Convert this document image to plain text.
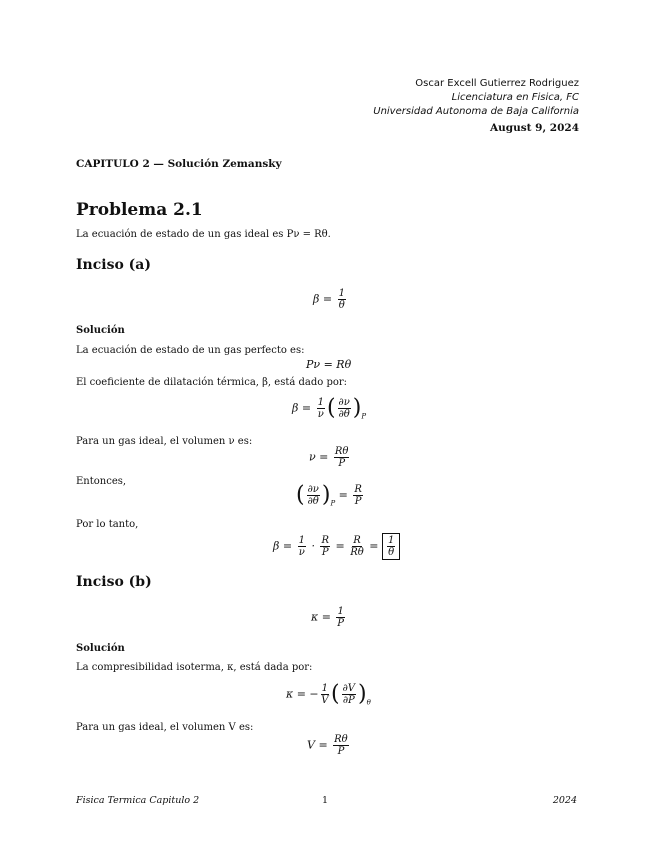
Oscar Excell Gutierrez Rodriguez
Licenciatura en Fisica, FC
Universidad Autonoma de Baja California
August 9, 2024
CAPITULO 2 — Solución Zemansky
Problema 2.1
La ecuación de estado de un gas ideal es Pν = Rθ.
Inciso (a)
$\beta = \frac{1}{\theta}$
Solución
La ecuación de estado de un gas perfecto es:
Pν = Rθ
El coeficiente de dilatación térmica, β, está dado por:
$\beta = \frac{1}{\nu}$ ( $\frac{\partial\nu}{\partial\theta} )_P$
Para un gas ideal, el volumen ν es:
$\nu = \frac{R\theta}{P}$
Entonces,
( $\frac{\partial\nu}{\partial\theta} )_P = \frac{R}{P}$
Por lo tanto,
$\beta = \frac{1}{\nu} \cdot \frac{R}{P} = \frac{R}{R\theta} = \frac{1}{\theta}$
Inciso (b)
$\kappa = \frac{1}{P}$
Solución
La compresibilidad isoterma, κ, está dada por:
κ = − $\frac{1}{V}$ ( $\frac{\partial V}{\partial P} )_\theta$
Para un gas ideal, el volumen V es:
$V = \frac{R\theta}{P}$
Fisica Termica Capitulo 2	1	2024
